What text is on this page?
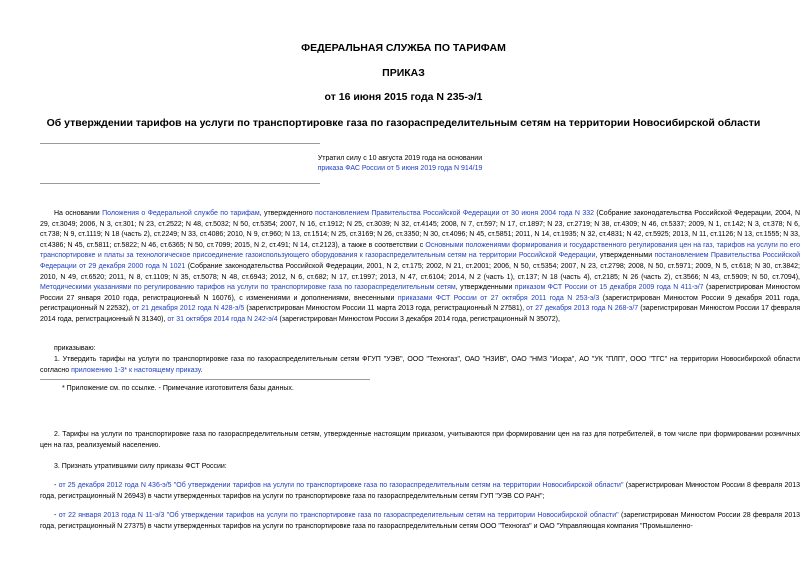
ФЕДЕРАЛЬНАЯ СЛУЖБА ПО ТАРИФАМ
ПРИКАЗ
от 16 июня 2015 года N 235-э/1
Об утверждении тарифов на услуги по транспортировке газа по газораспределительным сетям на территории Новосибирской области
Утратил силу с 10 августа 2019 года на основании
приказа ФАС России от 5 июня 2019 года N 914/19
На основании Положения о Федеральной службе по тарифам, утвержденного постановлением Правительства Российской Федерации от 30 июня 2004 года N 332 (Собрание законодательства Российской Федерации, 2004, N 29, ст.3049; 2006, N 3, ст.301; N 23, ст.2522; N 48, ст.5032; N 50, ст.5354; 2007, N 16, ст.1912; N 25, ст.3039; N 32, ст.4145; 2008, N 7, ст.597; N 17, ст.1897; N 23, ст.2719; N 38, ст.4309; N 46, ст.5337; 2009, N 1, ст.142; N 3, ст.378; N 6, ст.738; N 9, ст.1119; N 18 (часть 2), ст.2249; N 33, ст.4086; 2010, N 9, ст.960; N 13, ст.1514; N 25, ст.3169; N 26, ст.3350; N 30, ст.4096; N 45, ст.5851; 2011, N 14, ст.1935; N 32, ст.4831; N 42, ст.5925; 2013, N 11, ст.1126; N 13, ст.1555; N 33, ст.4386; N 45, ст.5811; ст.5822; N 46, ст.6365; N 50, ст.7099; 2015, N 2, ст.491; N 14, ст.2123), а также в соответствии с Основными положениями формирования и государственного регулирования цен на газ, тарифов на услуги по его транспортировке и платы за технологическое присоединение газоиспользующего оборудования к газораспределительным сетям на территории Российской Федерации, утвержденными постановлением Правительства Российской Федерации от 29 декабря 2000 года N 1021 (Собрание законодательства Российской Федерации, 2001, N 2, ст.175; 2002, N 21, ст.2001; 2006, N 50, ст.5354; 2007, N 23, ст.2798; 2008, N 50, ст.5971; 2009, N 5, ст.618; N 30, ст.3842; 2010, N 49, ст.6520; 2011, N 8, ст.1109; N 35, ст.5078; N 48, ст.6943; 2012, N 6, ст.682; N 17, ст.1997; 2013, N 47, ст.6104; 2014, N 2 (часть 1), ст.137; N 18 (часть 4), ст.2185; N 26 (часть 2), ст.3566; N 43, ст.5909; N 50, ст.7094), Методическими указаниями по регулированию тарифов на услуги по транспортировке газа по газораспределительным сетям, утвержденными приказом ФСТ России от 15 декабря 2009 года N 411-э/7 (зарегистрирован Минюстом России 27 января 2010 года, регистрационный N 16076), с изменениями и дополнениями, внесенными приказами ФСТ России от 27 октября 2011 года N 253-э/3 (зарегистрирован Минюстом России 9 декабря 2011 года, регистрационный N 22532), от 21 декабря 2012 года N 428-э/5 (зарегистрирован Минюстом России 11 марта 2013 года, регистрационный N 27581), от 27 декабря 2013 года N 268-э/7 (зарегистрирован Минюстом России 17 февраля 2014 года, регистрационный N 31340), от 31 октября 2014 года N 242-э/4 (зарегистрирован Минюстом России 3 декабря 2014 года, регистрационный N 35072),
приказываю:
1. Утвердить тарифы на услуги по транспортировке газа по газораспределительным сетям ФГУП "УЭВ", ООО "Техногаз", ОАО "НЗИВ", ОАО "НМЗ "Искра", АО "УК "ПЛП", ООО "ТГС" на территории Новосибирской области согласно приложению 1-3* к настоящему приказу.
* Приложение см. по ссылке. - Примечание изготовителя базы данных.
2. Тарифы на услуги по транспортировке газа по газораспределительным сетям, утвержденные настоящим приказом, учитываются при формировании цен на газ для потребителей, в том числе при формировании розничных цен на газ, реализуемый населению.
3. Признать утратившими силу приказы ФСТ России:
- от 25 декабря 2012 года N 436-э/5 "Об утверждении тарифов на услуги по транспортировке газа по газораспределительным сетям на территории Новосибирской области" (зарегистрирован Минюстом России 8 февраля 2013 года, регистрационный N 26943) в части утвержденных тарифов на услуги по транспортировке газа по газораспределительным сетям ГУП "УЭВ СО РАН";
- от 22 января 2013 года N 11-э/3 "Об утверждении тарифов на услуги по транспортировке газа по газораспределительным сетям на территории Новосибирской области" (зарегистрирован Минюстом России 28 февраля 2013 года, регистрационный N 27375) в части утвержденных тарифов на услуги по транспортировке газа по газораспределительным сетям ООО "Техногаз" и ОАО "Управляющая компания "Промышленно-
